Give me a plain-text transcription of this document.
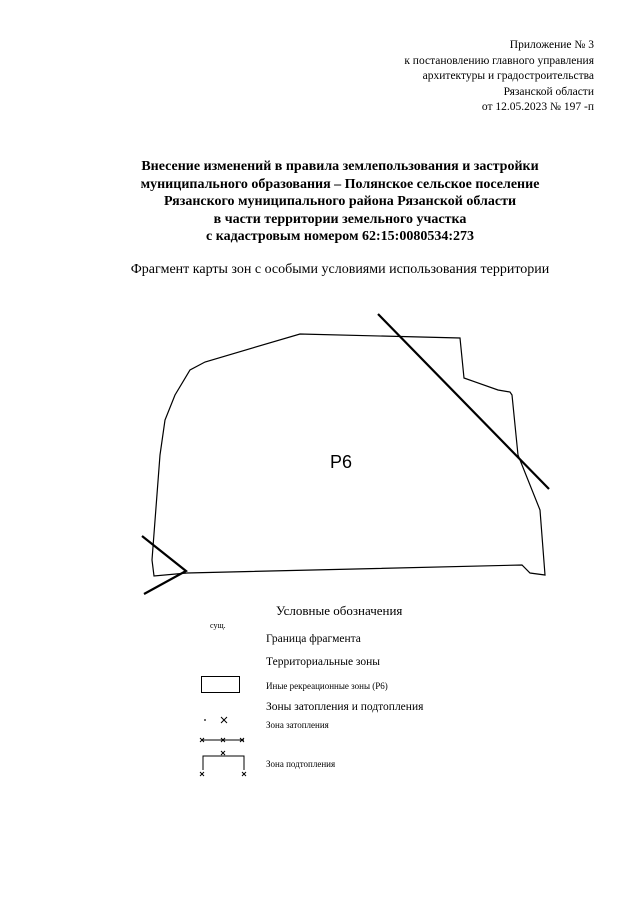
Приложение № 3
к постановлению главного управления
архитектуры и градостроительства
Рязанской области
от 12.05.2023 № 197 -п
Внесение изменений в правила землепользования и застройки
муниципального образования – Полянское сельское поселение
Рязанского муниципального района Рязанской области
в части территории земельного участка
с кадастровым номером 62:15:0080534:273
Фрагмент карты зон с особыми условиями использования территории
Р6
Условные обозначения
сущ.
Граница фрагмента
Территориальные зоны
Иные рекреационные зоны (Р6)
Зоны затопления и подтопления
Зона затопления
Зона подтопления
